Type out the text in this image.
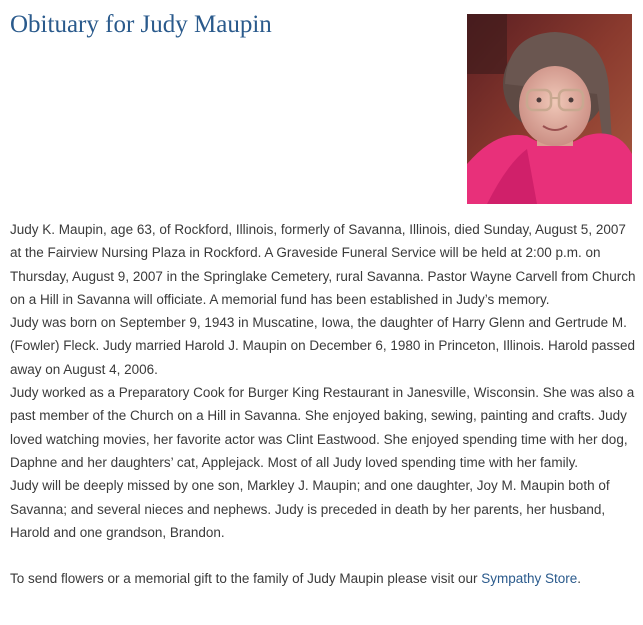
Obituary for Judy Maupin

Judy K. Maupin, age 63, of Rockford, Illinois, formerly of Savanna, Illinois, died Sunday, August 5, 2007 at the Fairview Nursing Plaza in Rockford. A Graveside Funeral Service will be held at 2:00 p.m. on Thursday, August 9, 2007 in the Springlake Cemetery, rural Savanna. Pastor Wayne Carvell from Church on a Hill in Savanna will officiate. A memorial fund has been established in Judy’s memory.

Judy was born on September 9, 1943 in Muscatine, Iowa, the daughter of Harry Glenn and Gertrude M. (Fowler) Fleck. Judy married Harold J. Maupin on December 6, 1980 in Princeton, Illinois. Harold passed away on August 4, 2006.

Judy worked as a Preparatory Cook for Burger King Restaurant in Janesville, Wisconsin. She was also a past member of the Church on a Hill in Savanna. She enjoyed baking, sewing, painting and crafts. Judy loved watching movies, her favorite actor was Clint Eastwood. She enjoyed spending time with her dog, Daphne and her daughters’ cat, Applejack. Most of all Judy loved spending time with her family.

Judy will be deeply missed by one son, Markley J. Maupin; and one daughter, Joy M. Maupin both of Savanna; and several nieces and nephews. Judy is preceded in death by her parents, her husband, Harold and one grandson, Brandon.

To send flowers or a memorial gift to the family of Judy Maupin please visit our Sympathy Store.
